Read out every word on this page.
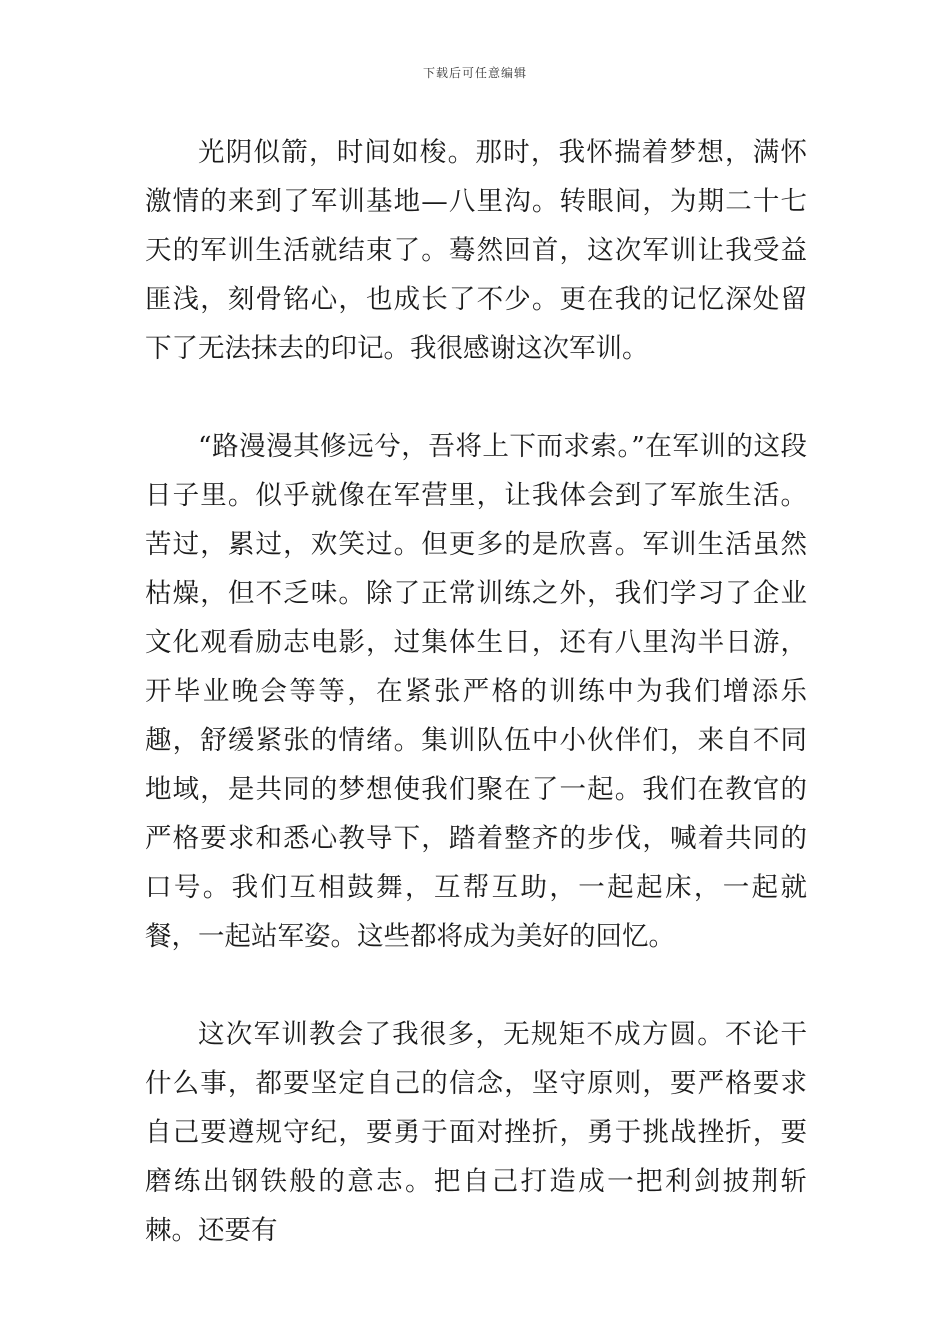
下载后可任意编辑

光阴似箭，时间如梭。那时，我怀揣着梦想，满怀激情的来到了军训基地—八里沟。转眼间，为期二十七天的军训生活就结束了。蓦然回首，这次军训让我受益匪浅，刻骨铭心，也成长了不少。更在我的记忆深处留下了无法抹去的印记。我很感谢这次军训。

“路漫漫其修远兮，吾将上下而求索。”在军训的这段日子里。似乎就像在军营里，让我体会到了军旅生活。苦过，累过，欢笑过。但更多的是欣喜。军训生活虽然枯燥，但不乏味。除了正常训练之外，我们学习了企业文化观看励志电影，过集体生日，还有八里沟半日游，开毕业晚会等等，在紧张严格的训练中为我们增添乐趣，舒缓紧张的情绪。集训队伍中小伙伴们，来自不同地域，是共同的梦想使我们聚在了一起。我们在教官的严格要求和悉心教导下，踏着整齐的步伐，喊着共同的口号。我们互相鼓舞，互帮互助，一起起床，一起就餐，一起站军姿。这些都将成为美好的回忆。

这次军训教会了我很多，无规矩不成方圆。不论干什么事，都要坚定自己的信念，坚守原则，要严格要求自己要遵规守纪，要勇于面对挫折，勇于挑战挫折，要磨练出钢铁般的意志。把自己打造成一把利剑披荆斩棘。还要有
